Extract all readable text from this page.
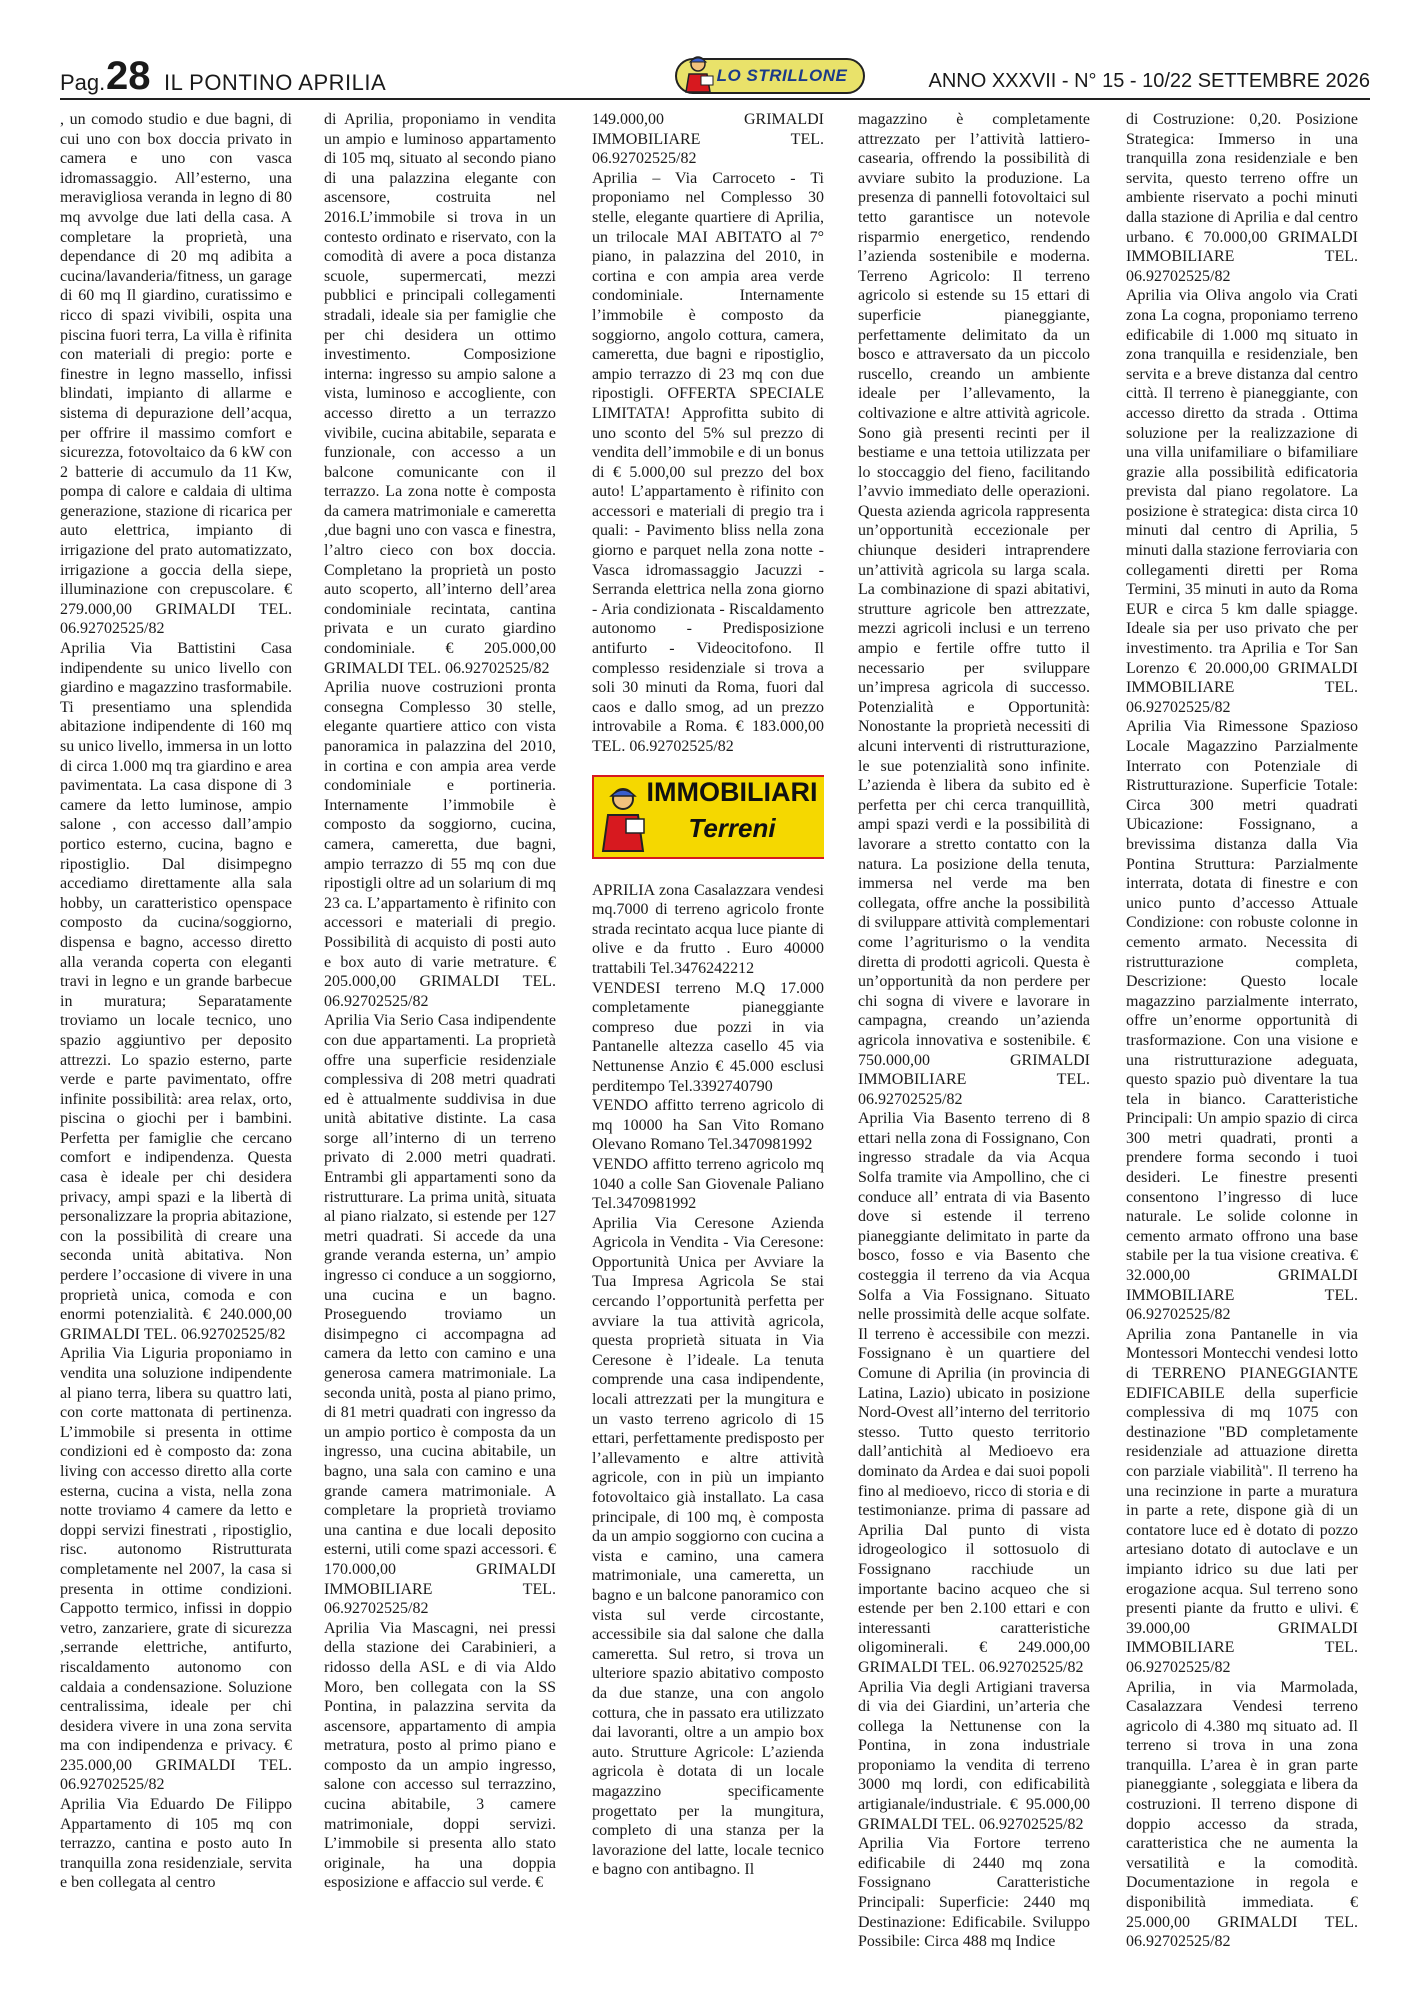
Pag. 28 IL PONTINO APRILIA	LO STRILLONE	ANNO XXXVII - N° 15 - 10/22 SETTEMBRE 2026

, un comodo studio e due bagni, di cui uno con box doccia privato in camera e uno con vasca idromassaggio. All’esterno, una meravigliosa veranda in legno di 80 mq avvolge due lati della casa. A completare la proprietà, una dependance di 20 mq adibita a cucina/lavanderia/fitness, un garage di 60 mq Il giardino, curatissimo e ricco di spazi vivibili, ospita una piscina fuori terra, La villa è rifinita con materiali di pregio: porte e finestre in legno massello, infissi blindati, impianto di allarme e sistema di depurazione dell’acqua, per offrire il massimo comfort e sicurezza, fotovoltaico da 6 kW con 2 batterie di accumulo da 11 Kw, pompa di calore e caldaia di ultima generazione, stazione di ricarica per auto elettrica, impianto di irrigazione del prato automatizzato, irrigazione a goccia della siepe, illuminazione con crepuscolare. € 279.000,00 GRIMALDI TEL. 06.92702525/82

Aprilia Via Battistini Casa indipendente su unico livello con giardino e magazzino trasformabile. Ti presentiamo una splendida abitazione indipendente di 160 mq su unico livello, immersa in un lotto di circa 1.000 mq tra giardino e area pavimentata. La casa dispone di 3 camere da letto luminose, ampio salone , con accesso dall’ampio portico esterno, cucina, bagno e ripostiglio. Dal disimpegno accediamo direttamente alla sala hobby, un caratteristico openspace composto da cucina/soggiorno, dispensa e bagno, accesso diretto alla veranda coperta con eleganti travi in legno e un grande barbecue in muratura; Separatamente troviamo un locale tecnico, uno spazio aggiuntivo per deposito attrezzi. Lo spazio esterno, parte verde e parte pavimentato, offre infinite possibilità: area relax, orto, piscina o giochi per i bambini. Perfetta per famiglie che cercano comfort e indipendenza. Questa casa è ideale per chi desidera privacy, ampi spazi e la libertà di personalizzare la propria abitazione, con la possibilità di creare una seconda unità abitativa. Non perdere l’occasione di vivere in una proprietà unica, comoda e con enormi potenzialità. € 240.000,00 GRIMALDI TEL. 06.92702525/82

Aprilia Via Liguria proponiamo in vendita una soluzione indipendente al piano terra, libera su quattro lati, con corte mattonata di pertinenza. L’immobile si presenta in ottime condizioni ed è composto da: zona living con accesso diretto alla corte esterna, cucina a vista, nella zona notte troviamo 4 camere da letto e doppi servizi finestrati , ripostiglio, risc. autonomo Ristrutturata completamente nel 2007, la casa si presenta in ottime condizioni. Cappotto termico, infissi in doppio vetro, zanzariere, grate di sicurezza ,serrande elettriche, antifurto, riscaldamento autonomo con caldaia a condensazione. Soluzione centralissima, ideale per chi desidera vivere in una zona servita ma con indipendenza e privacy. € 235.000,00 GRIMALDI TEL. 06.92702525/82

Aprilia Via Eduardo De Filippo Appartamento di 105 mq con terrazzo, cantina e posto auto In tranquilla zona residenziale, servita e ben collegata al centro

di Aprilia, proponiamo in vendita un ampio e luminoso appartamento di 105 mq, situato al secondo piano di una palazzina elegante con ascensore, costruita nel 2016.L’immobile si trova in un contesto ordinato e riservato, con la comodità di avere a poca distanza scuole, supermercati, mezzi pubblici e principali collegamenti stradali, ideale sia per famiglie che per chi desidera un ottimo investimento. Composizione interna: ingresso su ampio salone a vista, luminoso e accogliente, con accesso diretto a un terrazzo vivibile, cucina abitabile, separata e funzionale, con accesso a un balcone comunicante con il terrazzo. La zona notte è composta da camera matrimoniale e cameretta ,due bagni uno con vasca e finestra, l’altro cieco con box doccia. Completano la proprietà un posto auto scoperto, all’interno dell’area condominiale recintata, cantina privata e un curato giardino condominiale. € 205.000,00 GRIMALDI TEL. 06.92702525/82

Aprilia nuove costruzioni pronta consegna Complesso 30 stelle, elegante quartiere attico con vista panoramica in palazzina del 2010, in cortina e con ampia area verde condominiale e portineria. Internamente l’immobile è composto da soggiorno, cucina, camera, cameretta, due bagni, ampio terrazzo di 55 mq con due ripostigli oltre ad un solarium di mq 23 ca. L’appartamento è rifinito con accessori e materiali di pregio. Possibilità di acquisto di posti auto e box auto di varie metrature. € 205.000,00 GRIMALDI TEL. 06.92702525/82

Aprilia Via Serio Casa indipendente con due appartamenti. La proprietà offre una superficie residenziale complessiva di 208 metri quadrati ed è attualmente suddivisa in due unità abitative distinte. La casa sorge all’interno di un terreno privato di 2.000 metri quadrati. Entrambi gli appartamenti sono da ristrutturare. La prima unità, situata al piano rialzato, si estende per 127 metri quadrati. Si accede da una grande veranda esterna, un’ ampio ingresso ci conduce a un soggiorno, una cucina e un bagno. Proseguendo troviamo un disimpegno ci accompagna ad camera da letto con camino e una generosa camera matrimoniale. La seconda unità, posta al piano primo, di 81 metri quadrati con ingresso da un ampio portico è composta da un ingresso, una cucina abitabile, un bagno, una sala con camino e una grande camera matrimoniale. A completare la proprietà troviamo una cantina e due locali deposito esterni, utili come spazi accessori. € 170.000,00 GRIMALDI IMMOBILIARE TEL. 06.92702525/82

Aprilia Via Mascagni, nei pressi della stazione dei Carabinieri, a ridosso della ASL e di via Aldo Moro, ben collegata con la SS Pontina, in palazzina servita da ascensore, appartamento di ampia metratura, posto al primo piano e composto da un ampio ingresso, salone con accesso sul terrazzino, cucina abitabile, 3 camere matrimoniale, doppi servizi. L’immobile si presenta allo stato originale, ha una doppia esposizione e affaccio sul verde. €

149.000,00 GRIMALDI IMMOBILIARE TEL. 06.92702525/82

Aprilia – Via Carroceto - Ti proponiamo nel Complesso 30 stelle, elegante quartiere di Aprilia, un trilocale MAI ABITATO al 7° piano, in palazzina del 2010, in cortina e con ampia area verde condominiale. Internamente l’immobile è composto da soggiorno, angolo cottura, camera, cameretta, due bagni e ripostiglio, ampio terrazzo di 23 mq con due ripostigli. OFFERTA SPECIALE LIMITATA! Approfitta subito di uno sconto del 5% sul prezzo di vendita dell’immobile e di un bonus di € 5.000,00 sul prezzo del box auto! L’appartamento è rifinito con accessori e materiali di pregio tra i quali: - Pavimento bliss nella zona giorno e parquet nella zona notte - Vasca idromassaggio Jacuzzi - Serranda elettrica nella zona giorno - Aria condizionata - Riscaldamento autonomo - Predisposizione antifurto - Videocitofono. Il complesso residenziale si trova a soli 30 minuti da Roma, fuori dal caos e dallo smog, ad un prezzo introvabile a Roma. € 183.000,00 TEL. 06.92702525/82

IMMOBILIARI
Terreni

APRILIA zona Casalazzara vendesi mq.7000 di terreno agricolo fronte strada recintato acqua luce piante di olive e da frutto . Euro 40000 trattabili Tel.3476242212

VENDESI terreno M.Q 17.000 completamente pianeggiante compreso due pozzi in via Pantanelle altezza casello 45 via Nettunense Anzio € 45.000 esclusi perditempo Tel.3392740790

VENDO affitto terreno agricolo di mq 10000 ha San Vito Romano Olevano Romano Tel.3470981992

VENDO affitto terreno agricolo mq 1040 a colle San Giovenale Paliano Tel.3470981992

Aprilia Via Ceresone Azienda Agricola in Vendita - Via Ceresone: Opportunità Unica per Avviare la Tua Impresa Agricola Se stai cercando l’opportunità perfetta per avviare la tua attività agricola, questa proprietà situata in Via Ceresone è l’ideale. La tenuta comprende una casa indipendente, locali attrezzati per la mungitura e un vasto terreno agricolo di 15 ettari, perfettamente predisposto per l’allevamento e altre attività agricole, con in più un impianto fotovoltaico già installato. La casa principale, di 100 mq, è composta da un ampio soggiorno con cucina a vista e camino, una camera matrimoniale, una cameretta, un bagno e un balcone panoramico con vista sul verde circostante, accessibile sia dal salone che dalla cameretta. Sul retro, si trova un ulteriore spazio abitativo composto da due stanze, una con angolo cottura, che in passato era utilizzato dai lavoranti, oltre a un ampio box auto. Strutture Agricole: L’azienda agricola è dotata di un locale magazzino specificamente progettato per la mungitura, completo di una stanza per la lavorazione del latte, locale tecnico e bagno con antibagno. Il

magazzino è completamente attrezzato per l’attività lattiero-casearia, offrendo la possibilità di avviare subito la produzione. La presenza di pannelli fotovoltaici sul tetto garantisce un notevole risparmio energetico, rendendo l’azienda sostenibile e moderna. Terreno Agricolo: Il terreno agricolo si estende su 15 ettari di superficie pianeggiante, perfettamente delimitato da un bosco e attraversato da un piccolo ruscello, creando un ambiente ideale per l’allevamento, la coltivazione e altre attività agricole. Sono già presenti recinti per il bestiame e una tettoia utilizzata per lo stoccaggio del fieno, facilitando l’avvio immediato delle operazioni. Questa azienda agricola rappresenta un’opportunità eccezionale per chiunque desideri intraprendere un’attività agricola su larga scala. La combinazione di spazi abitativi, strutture agricole ben attrezzate, mezzi agricoli inclusi e un terreno ampio e fertile offre tutto il necessario per sviluppare un’impresa agricola di successo. Potenzialità e Opportunità: Nonostante la proprietà necessiti di alcuni interventi di ristrutturazione, le sue potenzialità sono infinite. L’azienda è libera da subito ed è perfetta per chi cerca tranquillità, ampi spazi verdi e la possibilità di lavorare a stretto contatto con la natura. La posizione della tenuta, immersa nel verde ma ben collegata, offre anche la possibilità di sviluppare attività complementari come l’agriturismo o la vendita diretta di prodotti agricoli. Questa è un’opportunità da non perdere per chi sogna di vivere e lavorare in campagna, creando un’azienda agricola innovativa e sostenibile. € 750.000,00 GRIMALDI IMMOBILIARE TEL. 06.92702525/82

Aprilia Via Basento terreno di 8 ettari nella zona di Fossignano, Con ingresso stradale da via Acqua Solfa tramite via Ampollino, che ci conduce all’ entrata di via Basento dove si estende il terreno pianeggiante delimitato in parte da bosco, fosso e via Basento che costeggia il terreno da via Acqua Solfa a Via Fossignano. Situato nelle prossimità delle acque solfate. Il terreno è accessibile con mezzi. Fossignano è un quartiere del Comune di Aprilia (in provincia di Latina, Lazio) ubicato in posizione Nord-Ovest all’interno del territorio stesso. Tutto questo territorio dall’antichità al Medioevo era dominato da Ardea e dai suoi popoli fino al medioevo, ricco di storia e di testimonianze. prima di passare ad Aprilia Dal punto di vista idrogeologico il sottosuolo di Fossignano racchiude un importante bacino acqueo che si estende per ben 2.100 ettari e con interessanti caratteristiche oligominerali. € 249.000,00 GRIMALDI TEL. 06.92702525/82

Aprilia Via degli Artigiani traversa di via dei Giardini, un’arteria che collega la Nettunense con la Pontina, in zona industriale proponiamo la vendita di terreno 3000 mq lordi, con edificabilità artigianale/industriale. € 95.000,00 GRIMALDI TEL. 06.92702525/82

Aprilia Via Fortore terreno edificabile di 2440 mq zona Fossignano Caratteristiche Principali: Superficie: 2440 mq Destinazione: Edificabile. Sviluppo Possibile: Circa 488 mq Indice

di Costruzione: 0,20. Posizione Strategica: Immerso in una tranquilla zona residenziale e ben servita, questo terreno offre un ambiente riservato a pochi minuti dalla stazione di Aprilia e dal centro urbano. € 70.000,00 GRIMALDI IMMOBILIARE TEL. 06.92702525/82

Aprilia via Oliva angolo via Crati zona La cogna, proponiamo terreno edificabile di 1.000 mq situato in zona tranquilla e residenziale, ben servita e a breve distanza dal centro città. Il terreno è pianeggiante, con accesso diretto da strada . Ottima soluzione per la realizzazione di una villa unifamiliare o bifamiliare grazie alla possibilità edificatoria prevista dal piano regolatore. La posizione è strategica: dista circa 10 minuti dal centro di Aprilia, 5 minuti dalla stazione ferroviaria con collegamenti diretti per Roma Termini, 35 minuti in auto da Roma EUR e circa 5 km dalle spiagge. Ideale sia per uso privato che per investimento. tra Aprilia e Tor San Lorenzo € 20.000,00 GRIMALDI IMMOBILIARE TEL. 06.92702525/82

Aprilia Via Rimessone Spazioso Locale Magazzino Parzialmente Interrato con Potenziale di Ristrutturazione. Superficie Totale: Circa 300 metri quadrati Ubicazione: Fossignano, a brevissima distanza dalla Via Pontina Struttura: Parzialmente interrata, dotata di finestre e con unico punto d’accesso Attuale Condizione: con robuste colonne in cemento armato. Necessita di ristrutturazione completa, Descrizione: Questo locale magazzino parzialmente interrato, offre un’enorme opportunità di trasformazione. Con una visione e una ristrutturazione adeguata, questo spazio può diventare la tua tela in bianco. Caratteristiche Principali: Un ampio spazio di circa 300 metri quadrati, pronti a prendere forma secondo i tuoi desideri. Le finestre presenti consentono l’ingresso di luce naturale. Le solide colonne in cemento armato offrono una base stabile per la tua visione creativa. € 32.000,00 GRIMALDI IMMOBILIARE TEL. 06.92702525/82

Aprilia zona Pantanelle in via Montessori Montecchi vendesi lotto di TERRENO PIANEGGIANTE EDIFICABILE della superficie complessiva di mq 1075 con destinazione "BD completamente residenziale ad attuazione diretta con parziale viabilità". Il terreno ha una recinzione in parte a muratura in parte a rete, dispone già di un contatore luce ed è dotato di pozzo artesiano dotato di autoclave e un impianto idrico su due lati per erogazione acqua. Sul terreno sono presenti piante da frutto e ulivi. € 39.000,00 GRIMALDI IMMOBILIARE TEL. 06.92702525/82

Aprilia, in via Marmolada, Casalazzara Vendesi terreno agricolo di 4.380 mq situato ad. Il terreno si trova in una zona tranquilla. L’area è in gran parte pianeggiante , soleggiata e libera da costruzioni. Il terreno dispone di doppio accesso da strada, caratteristica che ne aumenta la versatilità e la comodità. Documentazione in regola e disponibilità immediata. € 25.000,00 GRIMALDI TEL. 06.92702525/82
